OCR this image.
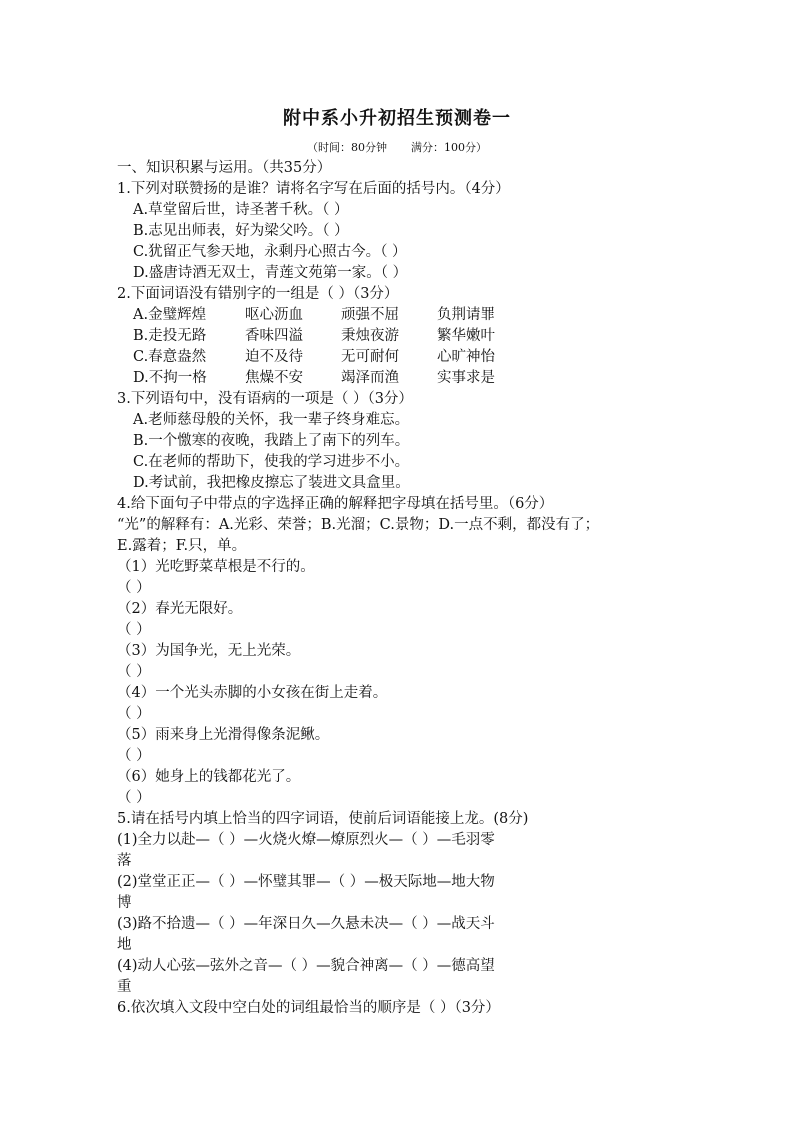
附中系小升初招生预测卷一
（时间：80分钟 满分：100分）
一、知识积累与运用。（共35分）
1.下列对联赞扬的是谁？请将名字写在后面的括号内。（4分）
A.草堂留后世，诗圣著千秋。（ ）
B.志见出师表，好为梁父吟。（ ）
C.犹留正气参天地，永剩丹心照古今。（ ）
D.盛唐诗酒无双士，青莲文苑第一家。（ ）
2.下面词语没有错别字的一组是（ ）（3分）
A.金璧辉煌	呕心沥血	顽强不屈	负荆请罪
B.走投无路	香味四溢	秉烛夜游	繁华嫩叶
C.春意盎然	迫不及待	无可耐何	心旷神怡
D.不拘一格	焦燥不安	竭泽而渔	实事求是
3.下列语句中，没有语病的一项是（ ）（3分）
A.老师慈母般的关怀，我一辈子终身难忘。
B.一个憿寒的夜晚，我踏上了南下的列车。
C.在老师的帮助下，使我的学习进步不小。
D.考试前，我把橡皮擦忘了装进文具盒里。
4.给下面句子中带点的字选择正确的解释把字母填在括号里。（6分）
“光”的解释有：A.光彩、荣誉；B.光溜；C.景物；D.一点不剩，都没有了；
E.露着；F.只，单。
（1）光吃野菜草根是不行的。
（ ）
（2）春光无限好。
（ ）
（3）为国争光，无上光荣。
（ ）
（4）一个光头赤脚的小女孩在街上走着。
（ ）
（5）雨来身上光滑得像条泥鳅。
（ ）
（6）她身上的钱都花光了。
（ ）
5.请在括号内填上恰当的四字词语，使前后词语能接上龙。(8分)
(1)全力以赴—（ ）—火烧火燎—燎原烈火—（ ）—毛羽零
落
(2)堂堂正正—（ ）—怀璧其罪—（ ）—极天际地—地大物
博
(3)路不拾遗—（ ）—年深日久—久悬未决—（ ）—战天斗
地
(4)动人心弦—弦外之音—（ ）—貌合神离—（ ）—德高望
重
6.依次填入文段中空白处的词组最恰当的顺序是（ ）（3分）
